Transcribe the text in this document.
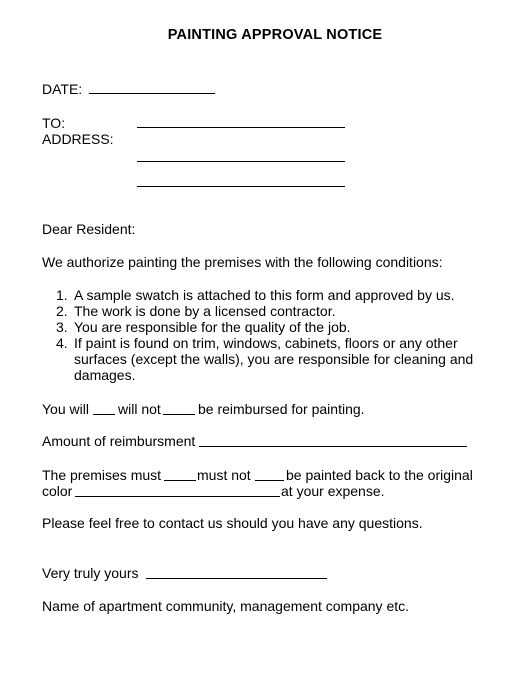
PAINTING APPROVAL NOTICE
DATE:
TO:
ADDRESS:
Dear Resident:
We authorize painting the premises with the following conditions:
1. A sample swatch is attached to this form and approved by us.
2. The work is done by a licensed contractor.
3. You are responsible for the quality of the job.
4. If paint is found on trim, windows, cabinets, floors or any other surfaces (except the walls), you are responsible for cleaning and damages.
You will will not	be reimbursed for painting.
Amount of reimbursment
The premises must	must not	be painted back to the original
color	at your expense.
Please feel free to contact us should you have any questions.
Very truly yours
Name of apartment community, management company etc.
